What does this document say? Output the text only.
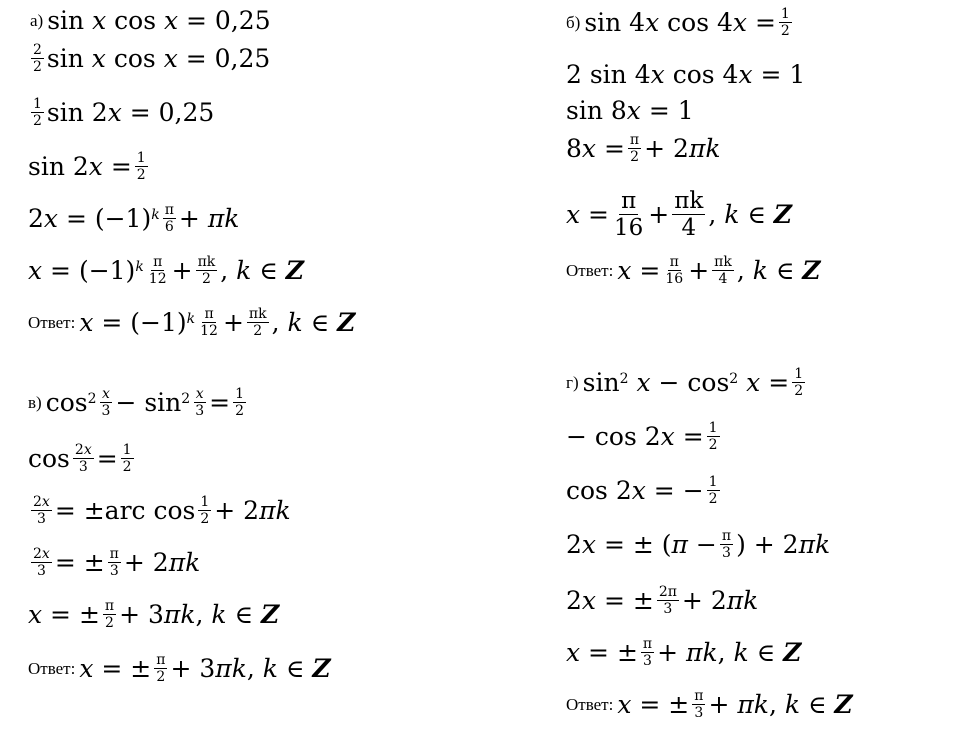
а) sin x cos x = 0,25
$\frac{2}{2}$ sin x cos x = 0,25
$\frac{1}{2}$ sin 2x = 0,25
$\sin 2x = \frac{1}{2}$
$2x = (-1)^k \frac{\pi}{6} + \pi k$
$x = (-1)^k \frac{\pi}{12} + \frac{\pi k}{2}$ , k ∈ Z
Ответ: $x = (-1)^k \frac{\pi}{12} + \frac{\pi k}{2}$ , k ∈ Z
в) $\cos^2 \frac{x}{3} - \sin^2 \frac{x}{3} = \frac{1}{2}$
$\cos \frac{2x}{3} = \frac{1}{2}$
$\frac{2x}{3} = \pm arc$ $\cos \frac{1}{2} + 2\pi k$
$\frac{2x}{3}$ = ± $\frac{\pi}{3} + 2\pi k$
x = ± $\frac{\pi}{2} + 3\pi k$, k ∈ Z
Ответ: x = ± $\frac{\pi}{2} + 3\pi k$, k ∈ Z
б) sin 4x $\cos 4x = \frac{1}{2}$
2 sin 4x cos 4x = 1
sin 8x = 1
$8x = \frac{\pi}{2} + 2\pi k$
$x = \frac{\pi}{16} + \frac{\pi k}{4}$ , k ∈ Z
Ответ: $x = \frac{\pi}{16} + \frac{\pi k}{4}$ , k ∈ Z
г) $\sin^2 x - \cos^2 x = \frac{1}{2}$
− $\cos 2x = \frac{1}{2}$
cos 2x = − $\frac{1}{2}$
2x = ± ($\pi - \frac{\pi}{3}$ ) + 2πk
2x = ± $\frac{2\pi}{3} + 2\pi k$
x = ± $\frac{\pi}{3} + \pi k$, k ∈ Z
Ответ: x = ± $\frac{\pi}{3} + \pi k$, k ∈ Z
